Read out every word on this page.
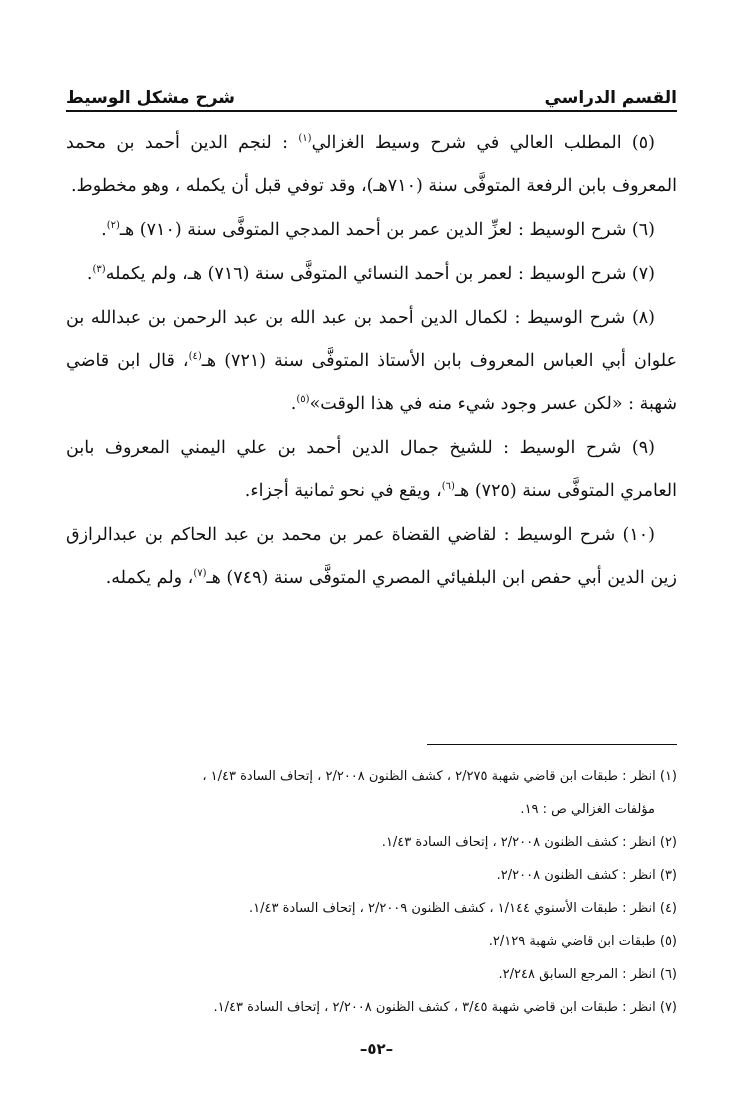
القسم الدراسي
شرح مشكل الوسيط

(٥) المطلب العالي في شرح وسيط الغزالي$^{(١)}$ : لنجم الدين أحمد بن محمد المعروف بابن الرفعة المتوفَّى سنة (٧١٠هـ)، وقد توفي قبل أن يكمله ، وهو مخطوط.

(٦) شرح الوسيط : لعزِّ الدين عمر بن أحمد المدجي المتوفَّى سنة (٧١٠) هـ$^{(٢)}$.

(٧) شرح الوسيط : لعمر بن أحمد النسائي المتوفَّى سنة (٧١٦) هـ، ولم يكمله$^{(٣)}$.

(٨) شرح الوسيط : لكمال الدين أحمد بن عبد الله بن عبد الرحمن بن عبدالله بن علوان أبي العباس المعروف بابن الأستاذ المتوفَّى سنة (٧٢١) هـ$^{(٤)}$، قال ابن قاضي شهبة : «لكن عسر وجود شيء منه في هذا الوقت»$^{(٥)}$.

(٩) شرح الوسيط : للشيخ جمال الدين أحمد بن علي اليمني المعروف بابن العامري المتوفَّى سنة (٧٢٥) هـ$^{(٦)}$، ويقع في نحو ثمانية أجزاء.

(١٠) شرح الوسيط : لقاضي القضاة عمر بن محمد بن عبد الحاكم بن عبدالرازق زين الدين أبي حفص ابن البلفيائي المصري المتوفَّى سنة (٧٤٩) هـ$^{(٧)}$، ولم يكمله.

(١) انظر : طبقات ابن قاضي شهبة ٢/٢٧٥ ، كشف الظنون ٢/٢٠٠٨ ، إتحاف السادة ١/٤٣ ،
مؤلفات الغزالي ص : ١٩.

(٢) انظر : كشف الظنون ٢/٢٠٠٨ ، إتحاف السادة ١/٤٣.

(٣) انظر : كشف الظنون ٢/٢٠٠٨.

(٤) انظر : طبقات الأسنوي ١/١٤٤ ، كشف الظنون ٢/٢٠٠٩ ، إتحاف السادة ١/٤٣.

(٥) طبقات ابن قاضي شهبة ٢/١٢٩.

(٦) انظر : المرجع السابق ٢/٢٤٨.

(٧) انظر : طبقات ابن قاضي شهبة ٣/٤٥ ، كشف الظنون ٢/٢٠٠٨ ، إتحاف السادة ١/٤٣.

–٥٢–
